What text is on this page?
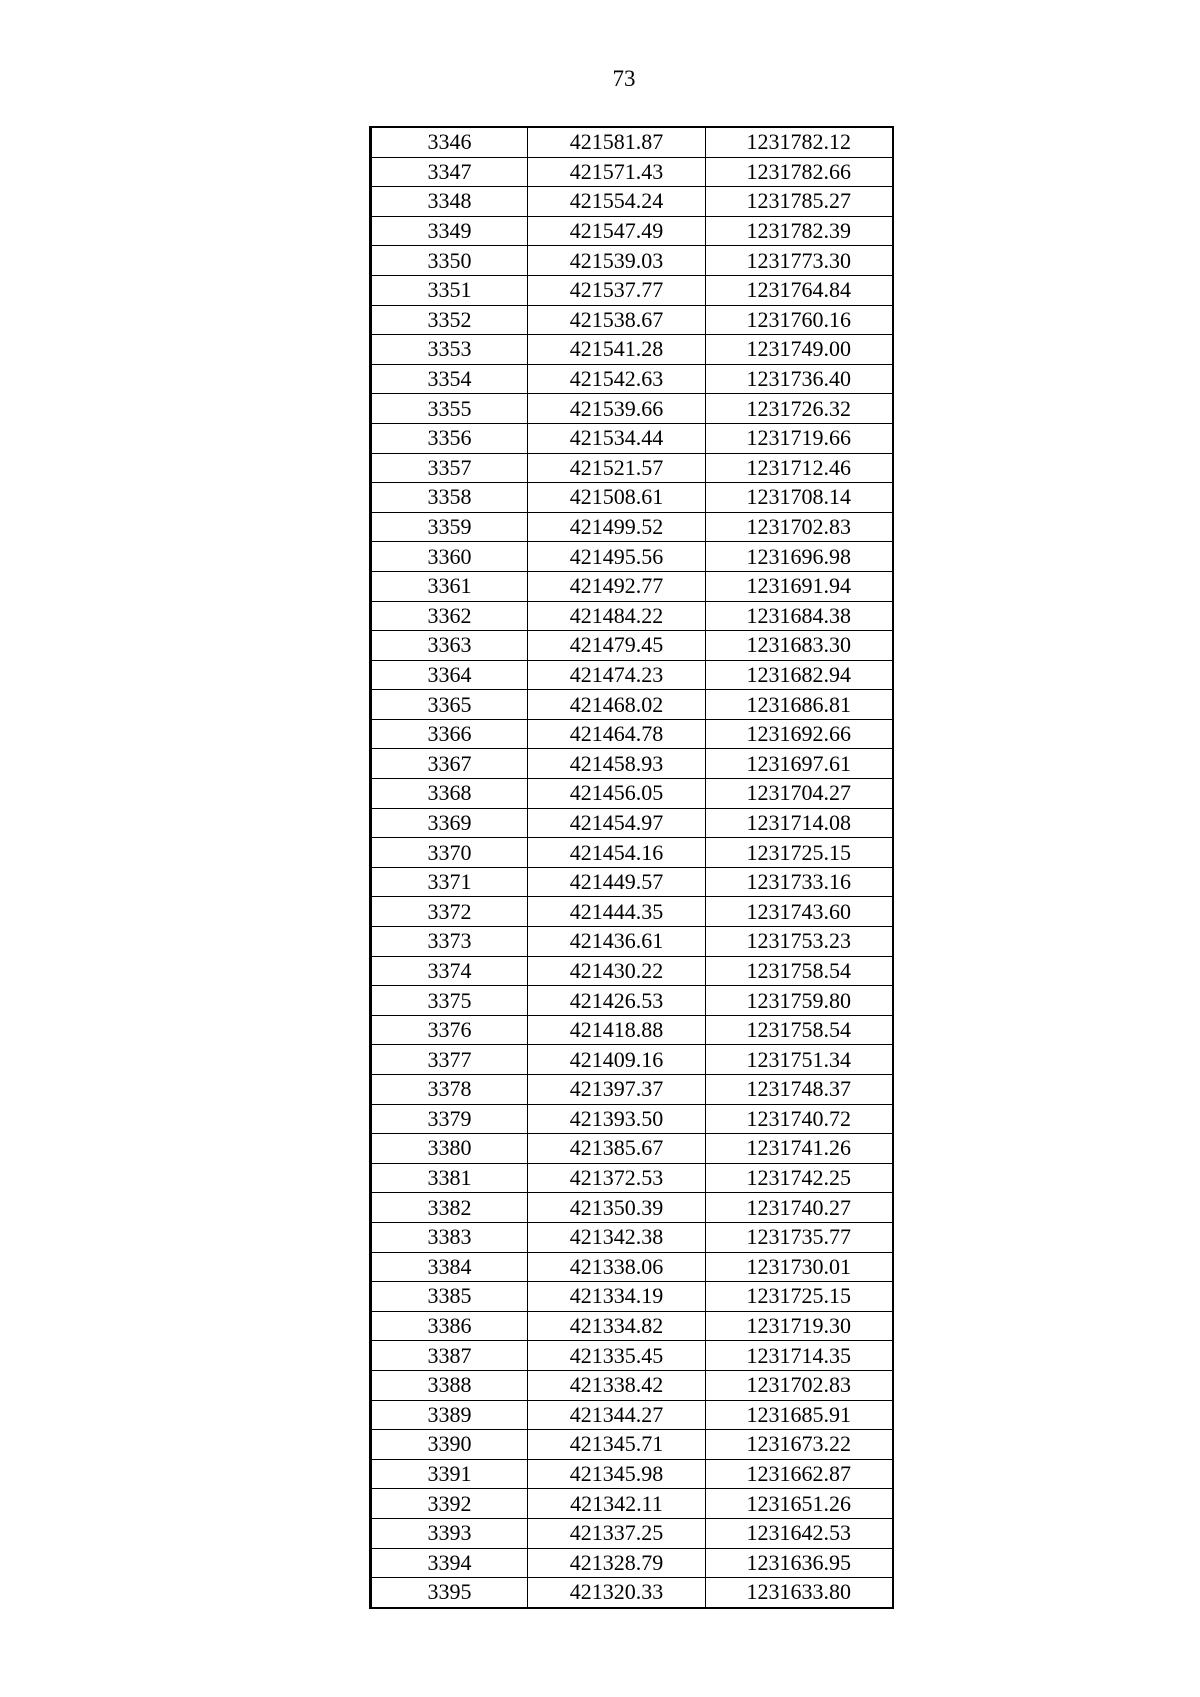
73
3346	421581.87	1231782.12
3347	421571.43	1231782.66
3348	421554.24	1231785.27
3349	421547.49	1231782.39
3350	421539.03	1231773.30
3351	421537.77	1231764.84
3352	421538.67	1231760.16
3353	421541.28	1231749.00
3354	421542.63	1231736.40
3355	421539.66	1231726.32
3356	421534.44	1231719.66
3357	421521.57	1231712.46
3358	421508.61	1231708.14
3359	421499.52	1231702.83
3360	421495.56	1231696.98
3361	421492.77	1231691.94
3362	421484.22	1231684.38
3363	421479.45	1231683.30
3364	421474.23	1231682.94
3365	421468.02	1231686.81
3366	421464.78	1231692.66
3367	421458.93	1231697.61
3368	421456.05	1231704.27
3369	421454.97	1231714.08
3370	421454.16	1231725.15
3371	421449.57	1231733.16
3372	421444.35	1231743.60
3373	421436.61	1231753.23
3374	421430.22	1231758.54
3375	421426.53	1231759.80
3376	421418.88	1231758.54
3377	421409.16	1231751.34
3378	421397.37	1231748.37
3379	421393.50	1231740.72
3380	421385.67	1231741.26
3381	421372.53	1231742.25
3382	421350.39	1231740.27
3383	421342.38	1231735.77
3384	421338.06	1231730.01
3385	421334.19	1231725.15
3386	421334.82	1231719.30
3387	421335.45	1231714.35
3388	421338.42	1231702.83
3389	421344.27	1231685.91
3390	421345.71	1231673.22
3391	421345.98	1231662.87
3392	421342.11	1231651.26
3393	421337.25	1231642.53
3394	421328.79	1231636.95
3395	421320.33	1231633.80
